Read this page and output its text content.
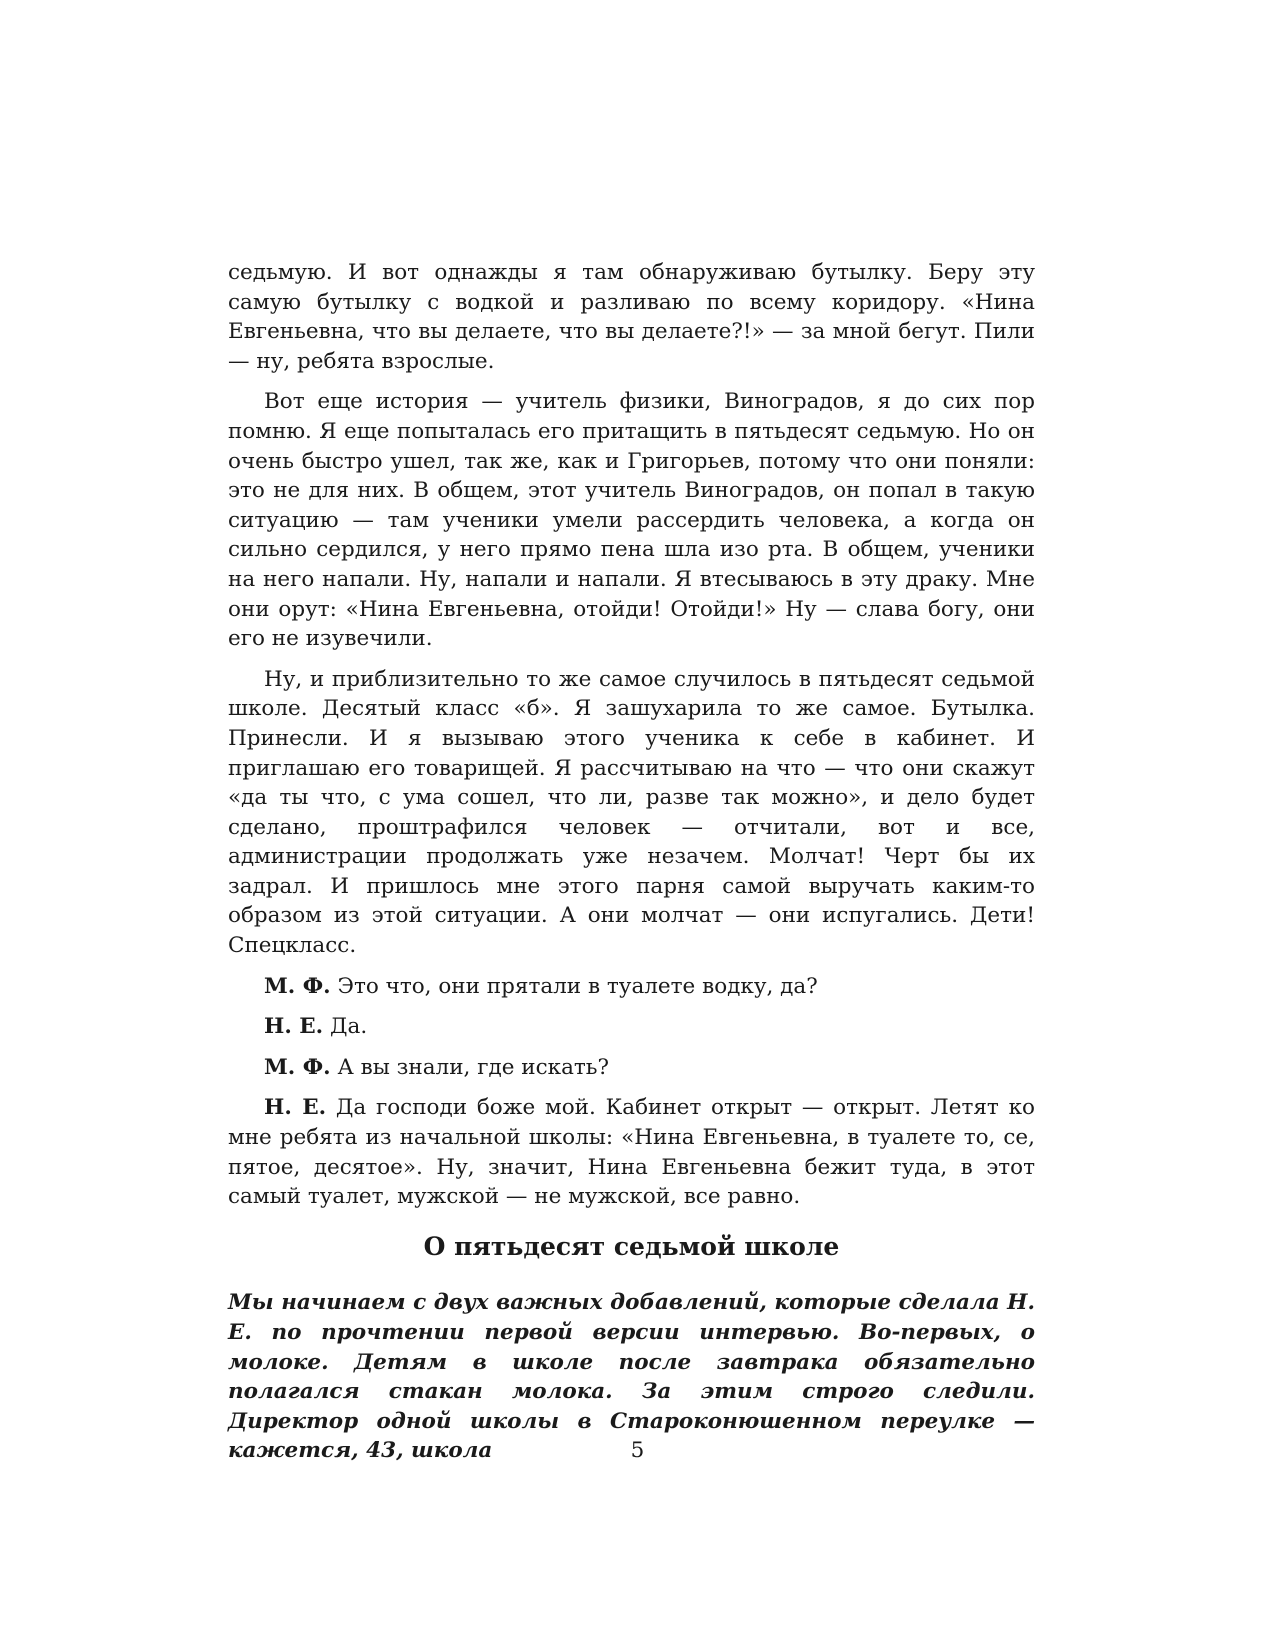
седьмую. И вот однажды я там обнаруживаю бутылку. Беру эту самую бутылку с водкой и разливаю по всему коридору. «Нина Евгеньевна, что вы делаете, что вы делаете?!» — за мной бегут. Пили — ну, ребята взрослые.

Вот еще история — учитель физики, Виноградов, я до сих пор помню. Я еще попыталась его притащить в пятьдесят седьмую. Но он очень быстро ушел, так же, как и Григорьев, потому что они поняли: это не для них. В общем, этот учитель Виноградов, он попал в такую ситуацию — там ученики умели рассердить человека, а когда он сильно сердился, у него прямо пена шла изо рта. В общем, ученики на него напали. Ну, напали и напали. Я втесываюсь в эту драку. Мне они орут: «Нина Евгеньевна, отойди! Отойди!» Ну — слава богу, они его не изувечили.

Ну, и приблизительно то же самое случилось в пятьдесят седьмой школе. Десятый класс «б». Я зашухарила то же самое. Бутылка. Принесли. И я вызываю этого ученика к себе в кабинет. И приглашаю его товарищей. Я рассчитываю на что — что они скажут «да ты что, с ума сошел, что ли, разве так можно», и дело будет сделано, проштрафился человек — отчитали, вот и все, администрации продолжать уже незачем. Молчат! Черт бы их задрал. И пришлось мне этого парня самой выручать каким-то образом из этой ситуации. А они молчат — они испугались. Дети! Спецкласс.

М. Ф. Это что, они прятали в туалете водку, да?

Н. Е. Да.

М. Ф. А вы знали, где искать?

Н. Е. Да господи боже мой. Кабинет открыт — открыт. Летят ко мне ребята из начальной школы: «Нина Евгеньевна, в туалете то, се, пятое, десятое». Ну, значит, Нина Евгеньевна бежит туда, в этот самый туалет, мужской — не мужской, все равно.

О пятьдесят седьмой школе

Мы начинаем с двух важных добавлений, которые сделала Н. Е. по прочтении первой версии интервью. Во-первых, о молоке. Детям в школе после завтрака обязательно полагался стакан молока. За этим строго следили. Директор одной школы в Староконюшенном переулке — кажется, 43, школа	5
